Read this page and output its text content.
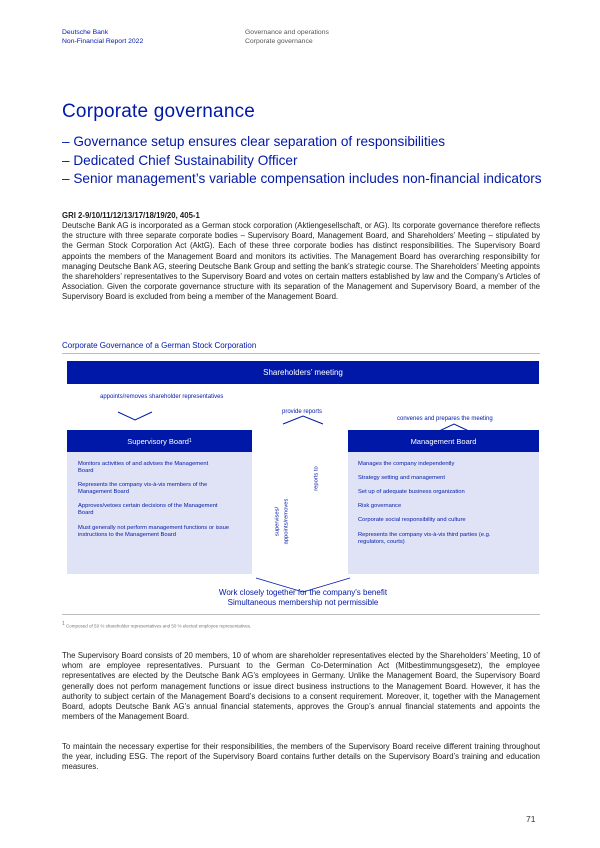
Deutsche Bank
Non-Financial Report 2022
Governance and operations
Corporate governance
Corporate governance
– Governance setup ensures clear separation of responsibilities
– Dedicated Chief Sustainability Officer
– Senior management’s variable compensation includes non-financial indicators
GRI 2-9/10/11/12/13/17/18/19/20, 405-1
Deutsche Bank AG is incorporated as a German stock corporation (Aktiengesellschaft, or AG). Its corporate governance therefore reflects the structure with three separate corporate bodies – Supervisory Board, Management Board, and Shareholders’ Meeting – stipulated by the German Stock Corporation Act (AktG). Each of these three corporate bodies has distinct responsibilities. The Supervisory Board appoints the members of the Management Board and monitors its activities. The Management Board has overarching responsibility for managing Deutsche Bank AG, steering Deutsche Bank Group and setting the bank’s strategic course. The Shareholders’ Meeting appoints the shareholders’ representatives to the Supervisory Board and votes on certain matters established by law and the Company’s Articles of Association. Given the corporate governance structure with its separation of the Management and Supervisory Board, a member of the Supervisory Board is excluded from being a member of the Management Board.
Corporate Governance of a German Stock Corporation
Shareholders’ meeting
appoints/removes shareholder representatives
provide reports
convenes and prepares the meeting
Supervisory Board 1	Management Board
Monitors activities of and advises the Management Board
Represents the company vis-à-vis members of the Management Board
Approves/vetoes certain decisions of the Management Board
Must generally not perform management functions or issue instructions to the Management Board
Manages the company independently
Strategy setting and management
Set up of adequate business organization
Risk governance
Corporate social responsibility and culture
Represents the company vis-à-vis third parties (e.g. regulators, courts)
reports to
supervises/ appoints/removes
Work closely together for the company's benefit
Simultaneous membership not permissible
1 Composed of 50 % shareholder representatives and 50 % elected employee representatives.
The Supervisory Board consists of 20 members, 10 of whom are shareholder representatives elected by the Shareholders’ Meeting, 10 of whom are employee representatives. Pursuant to the German Co-Determination Act (Mitbestimmungsgesetz), the employee representatives are elected by the Deutsche Bank AG’s employees in Germany. Unlike the Management Board, the Supervisory Board generally does not perform management functions or issue direct business instructions to the Management Board. However, it has the authority to subject certain of the Management Board’s decisions to a consent requirement. Moreover, it, together with the Management Board, adopts Deutsche Bank AG’s annual financial statements, approves the Group’s annual financial statements and appoints the members of the Management Board.
To maintain the necessary expertise for their responsibilities, the members of the Supervisory Board receive different training throughout the year, including ESG. The report of the Supervisory Board contains further details on the Supervisory Board’s training and education measures.
71
